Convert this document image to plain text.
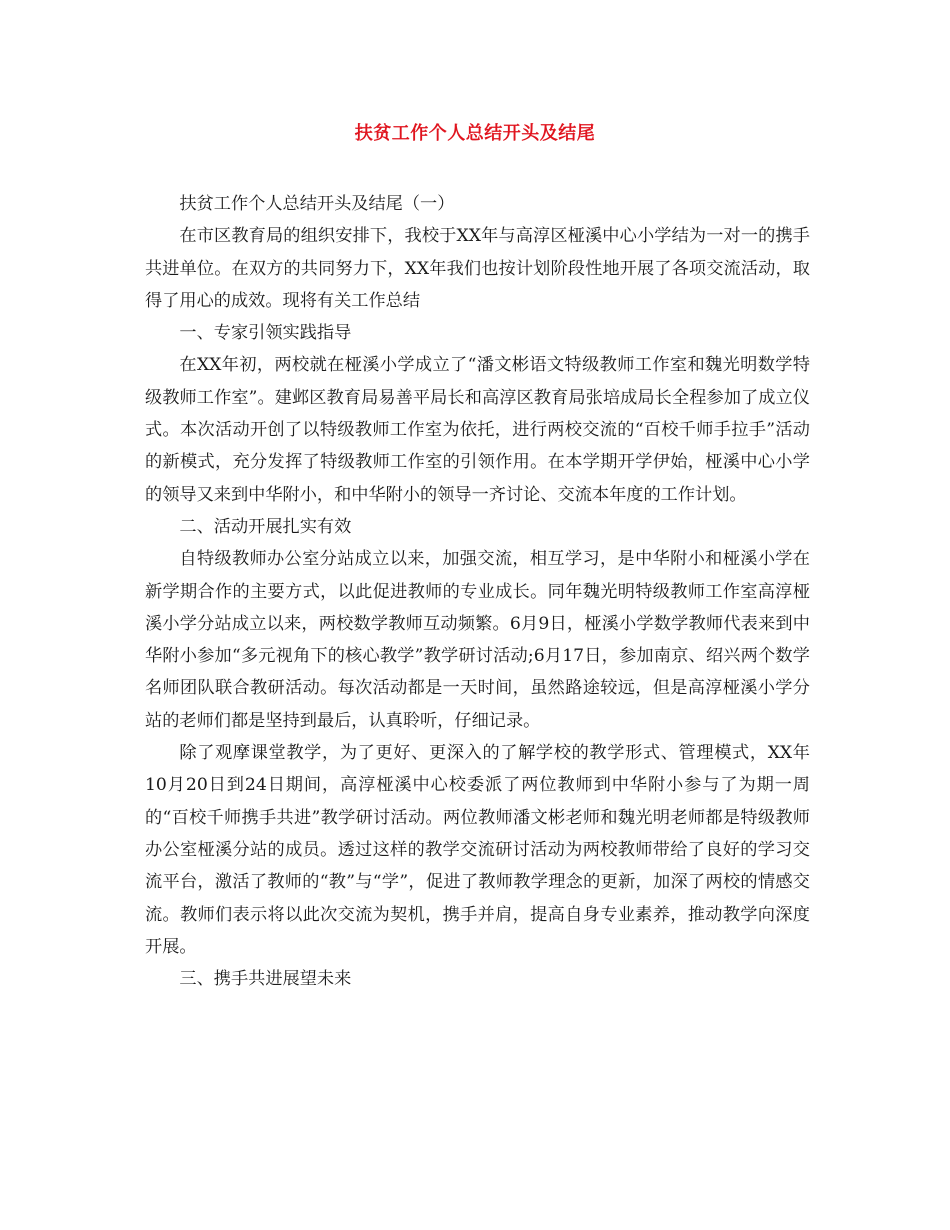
扶贫工作个人总结开头及结尾

扶贫工作个人总结开头及结尾（一）

在市区教育局的组织安排下，我校于XX年与高淳区桠溪中心小学结为一对一的携手共进单位。在双方的共同努力下，XX年我们也按计划阶段性地开展了各项交流活动，取得了用心的成效。现将有关工作总结

一、专家引领实践指导

在XX年初，两校就在桠溪小学成立了“潘文彬语文特级教师工作室和魏光明数学特级教师工作室”。建邺区教育局易善平局长和高淳区教育局张培成局长全程参加了成立仪式。本次活动开创了以特级教师工作室为依托，进行两校交流的“百校千师手拉手”活动的新模式，充分发挥了特级教师工作室的引领作用。在本学期开学伊始，桠溪中心小学的领导又来到中华附小，和中华附小的领导一齐讨论、交流本年度的工作计划。

二、活动开展扎实有效

自特级教师办公室分站成立以来，加强交流，相互学习，是中华附小和桠溪小学在新学期合作的主要方式，以此促进教师的专业成长。同年魏光明特级教师工作室高淳桠溪小学分站成立以来，两校数学教师互动频繁。6月9日，桠溪小学数学教师代表来到中华附小参加“多元视角下的核心教学”教学研讨活动;6月17日，参加南京、绍兴两个数学名师团队联合教研活动。每次活动都是一天时间，虽然路途较远，但是高淳桠溪小学分站的老师们都是坚持到最后，认真聆听，仔细记录。

除了观摩课堂教学，为了更好、更深入的了解学校的教学形式、管理模式，XX年10月20日到24日期间，高淳桠溪中心校委派了两位教师到中华附小参与了为期一周的“百校千师携手共进”教学研讨活动。两位教师潘文彬老师和魏光明老师都是特级教师办公室桠溪分站的成员。透过这样的教学交流研讨活动为两校教师带给了良好的学习交流平台，激活了教师的“教”与“学”，促进了教师教学理念的更新，加深了两校的情感交流。教师们表示将以此次交流为契机，携手并肩，提高自身专业素养，推动教学向深度开展。

三、携手共进展望未来
